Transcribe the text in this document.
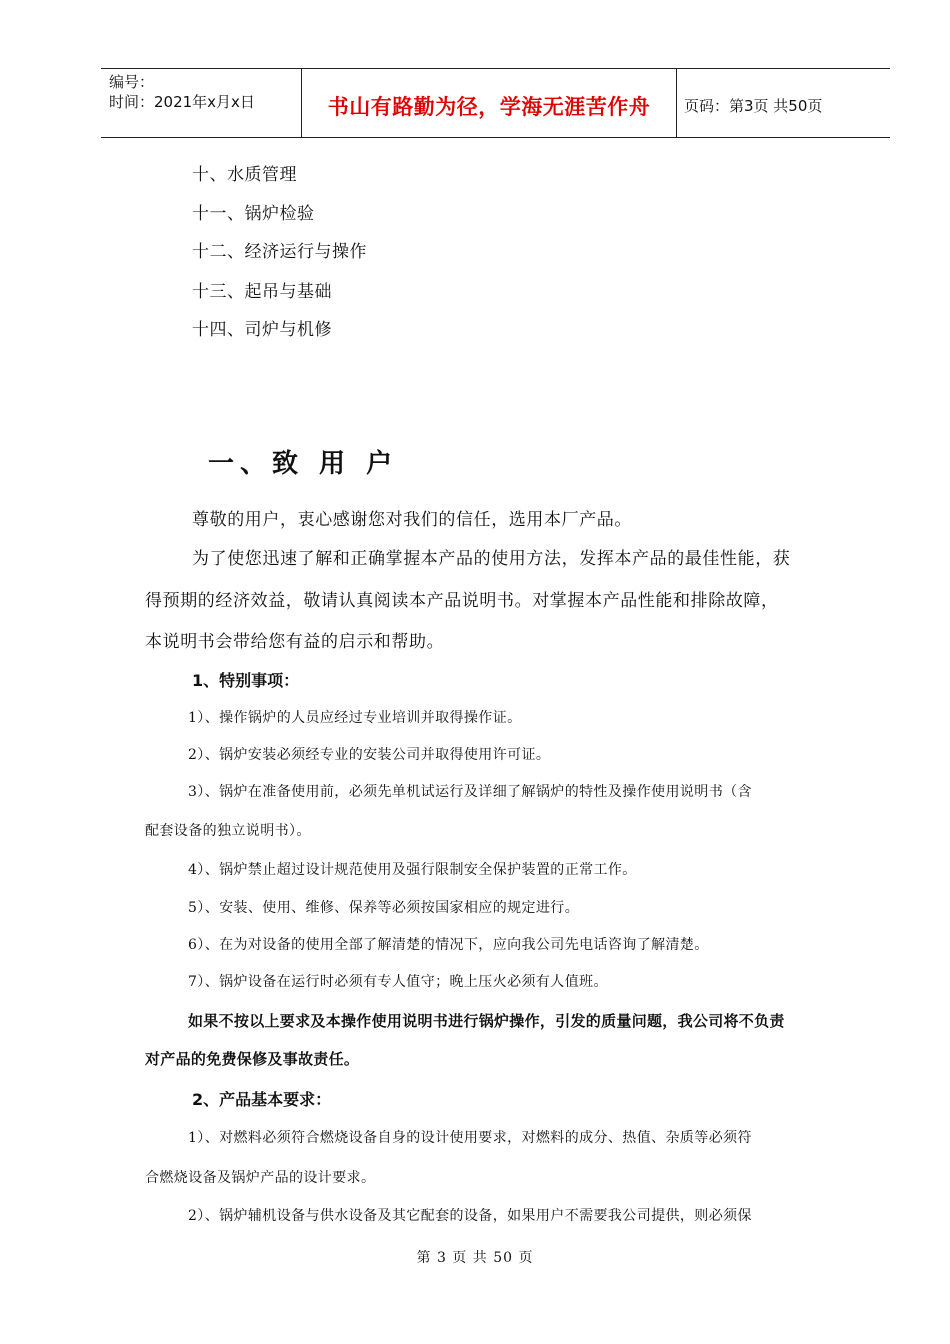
编号：
时间：2021年x月x日	书山有路勤为径，学海无涯苦作舟	页码：第3页 共50页
十、水质管理
十一、锅炉检验
十二、经济运行与操作
十三、起吊与基础
十四、司炉与机修
一、致 用 户
尊敬的用户，衷心感谢您对我们的信任，选用本厂产品。
为了使您迅速了解和正确掌握本产品的使用方法，发挥本产品的最佳性能，获
得预期的经济效益，敬请认真阅读本产品说明书。对掌握本产品性能和排除故障，
本说明书会带给您有益的启示和帮助。
1、特别事项：
1）、操作锅炉的人员应经过专业培训并取得操作证。
2）、锅炉安装必须经专业的安装公司并取得使用许可证。
3）、锅炉在准备使用前，必须先单机试运行及详细了解锅炉的特性及操作使用说明书（含
配套设备的独立说明书）。
4）、锅炉禁止超过设计规范使用及强行限制安全保护装置的正常工作。
5）、安装、使用、维修、保养等必须按国家相应的规定进行。
6）、在为对设备的使用全部了解清楚的情况下，应向我公司先电话咨询了解清楚。
7）、锅炉设备在运行时必须有专人值守；晚上压火必须有人值班。
如果不按以上要求及本操作使用说明书进行锅炉操作，引发的质量问题，我公司将不负责
对产品的免费保修及事故责任。
2、产品基本要求：
1）、对燃料必须符合燃烧设备自身的设计使用要求，对燃料的成分、热值、杂质等必须符
合燃烧设备及锅炉产品的设计要求。
2）、锅炉辅机设备与供水设备及其它配套的设备，如果用户不需要我公司提供，则必须保
第 3 页 共 50 页
